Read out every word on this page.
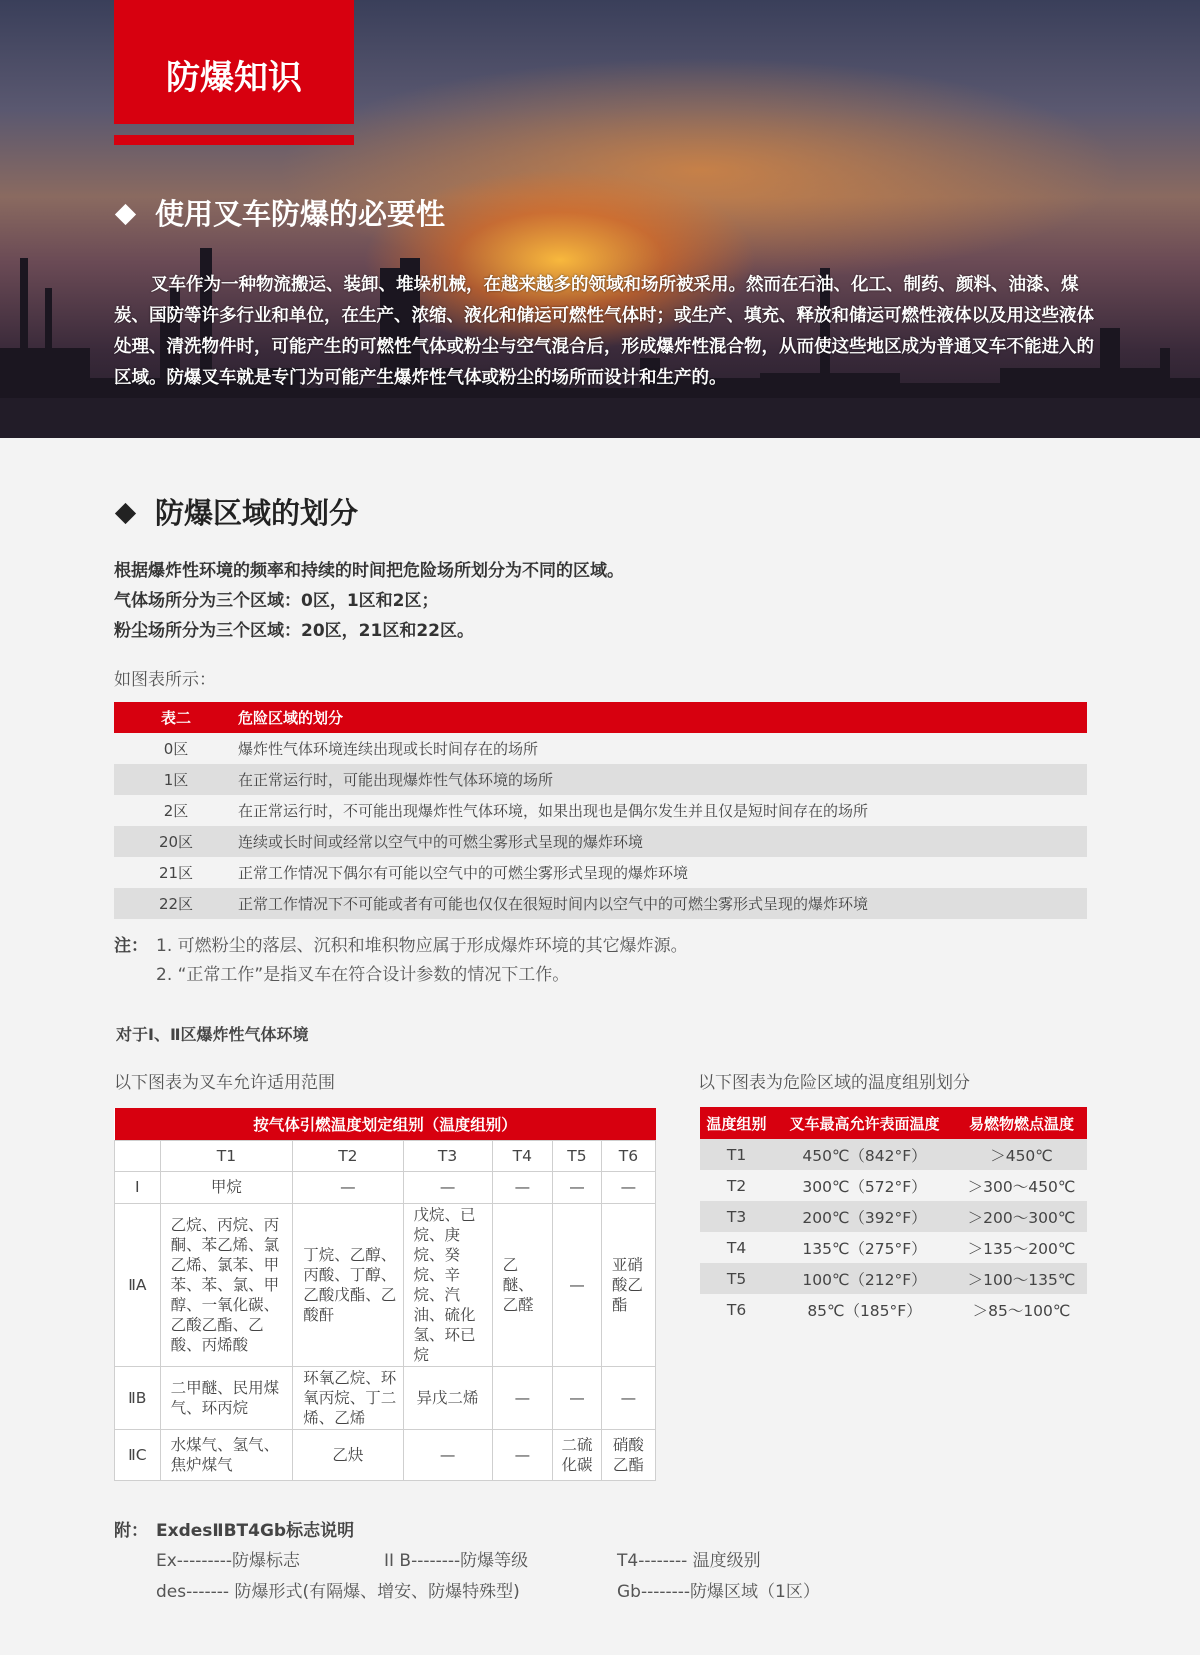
防爆知识
使用叉车防爆的必要性

叉车作为一种物流搬运、装卸、堆垛机械，在越来越多的领域和场所被采用。然而在石油、化工、制药、颜料、油漆、煤炭、国防等许多行业和单位，在生产、浓缩、液化和储运可燃性气体时；或生产、填充、释放和储运可燃性液体以及用这些液体处理、清洗物件时，可能产生的可燃性气体或粉尘与空气混合后，形成爆炸性混合物，从而使这些地区成为普通叉车不能进入的区域。防爆叉车就是专门为可能产生爆炸性气体或粉尘的场所而设计和生产的。

防爆区域的划分
根据爆炸性环境的频率和持续的时间把危险场所划分为不同的区域。
气体场所分为三个区域：0区，1区和2区；
粉尘场所分为三个区域：20区，21区和22区。
如图表所示：
表二	危险区域的划分
0区	爆炸性气体环境连续出现或长时间存在的场所
1区	在正常运行时，可能出现爆炸性气体环境的场所
2区	在正常运行时，不可能出现爆炸性气体环境，如果出现也是偶尔发生并且仅是短时间存在的场所
20区	连续或长时间或经常以空气中的可燃尘雾形式呈现的爆炸环境
21区	正常工作情况下偶尔有可能以空气中的可燃尘雾形式呈现的爆炸环境
22区	正常工作情况下不可能或者有可能也仅仅在很短时间内以空气中的可燃尘雾形式呈现的爆炸环境
注： 1. 可燃粉尘的落层、沉积和堆积物应属于形成爆炸环境的其它爆炸源。
2. “正常工作”是指叉车在符合设计参数的情况下工作。
对于Ⅰ、Ⅱ区爆炸性气体环境
以下图表为叉车允许适用范围	以下图表为危险区域的温度组别划分
按气体引燃温度划定组别（温度组别）						
	T1	T2	T3	T4	T5	T6
Ⅰ	甲烷	—	—	—	—	—
ⅡA	乙烷、丙烷、丙酮、苯乙烯、氯乙烯、氯苯、甲苯、苯、氯、甲醇、一氧化碳、乙酸乙酯、乙酸、丙烯酸	丁烷、乙醇、丙酸、丁醇、乙酸戊酯、乙酸酐	戊烷、已烷、庚烷、癸烷、辛烷、汽油、硫化氢、环已烷	乙醚、乙醛	—	亚硝酸乙酯
ⅡB	二甲醚、民用煤气、环丙烷	环氧乙烷、环氧丙烷、丁二烯、乙烯	异戊二烯	—	—	—
ⅡC	水煤气、氢气、焦炉煤气	乙炔	—	—	二硫化碳	硝酸乙酯
温度组别	叉车最高允许表面温度	易燃物燃点温度
T1	450℃（842°F）	＞450℃
T2	300℃（572°F）	＞300～450℃
T3	200℃（392°F）	＞200～300℃
T4	135℃（275°F）	＞135～200℃
T5	100℃（212°F）	＞100～135℃
T6	85℃（185°F）	＞85～100℃
附： ExdesⅡBT4Gb标志说明
Ex---------防爆标志	II B--------防爆等级	T4-------- 温度级别
des------- 防爆形式(有隔爆、增安、防爆特殊型)	Gb--------防爆区域（1区）
